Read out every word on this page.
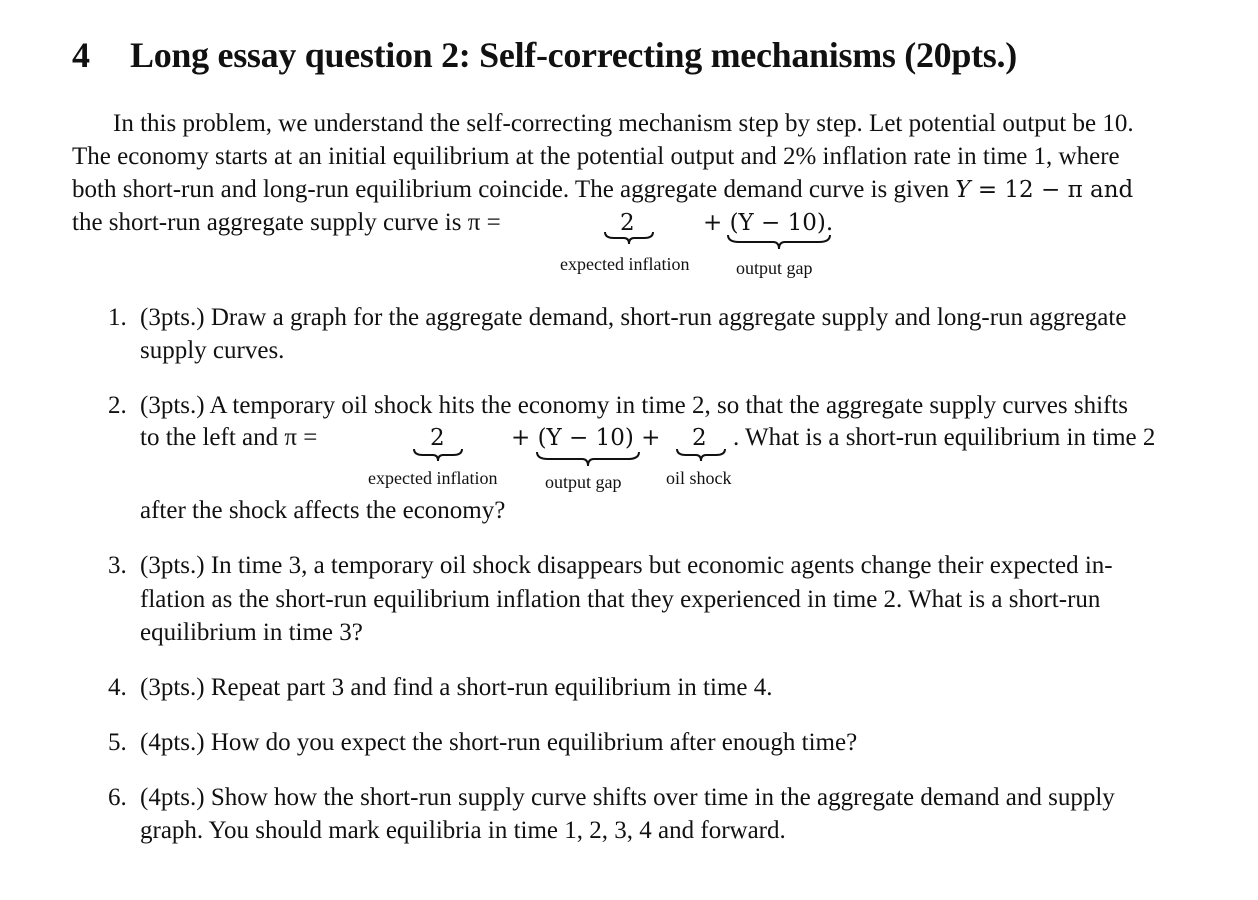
4 Long essay question 2: Self-correcting mechanisms (20pts.)
In this problem, we understand the self-correcting mechanism step by step. Let potential output be 10.
The economy starts at an initial equilibrium at the potential output and 2% inflation rate in time 1, where
both short-run and long-run equilibrium coincide. The aggregate demand curve is given Y = 12 − π and
the short-run aggregate supply curve is π =	2	+ (Y − 10).
expected inflation	output gap
1. (3pts.) Draw a graph for the aggregate demand, short-run aggregate supply and long-run aggregate
supply curves.
2. (3pts.) A temporary oil shock hits the economy in time 2, so that the aggregate supply curves shifts
to the left and π =	2	+ (Y − 10) + 2 . What is a short-run equilibrium in time 2
expected inflation	output gap oil shock
after the shock affects the economy?
3. (3pts.) In time 3, a temporary oil shock disappears but economic agents change their expected in-
flation as the short-run equilibrium inflation that they experienced in time 2. What is a short-run
equilibrium in time 3?
4. (3pts.) Repeat part 3 and find a short-run equilibrium in time 4.
5. (4pts.) How do you expect the short-run equilibrium after enough time?
6. (4pts.) Show how the short-run supply curve shifts over time in the aggregate demand and supply
graph. You should mark equilibria in time 1, 2, 3, 4 and forward.
